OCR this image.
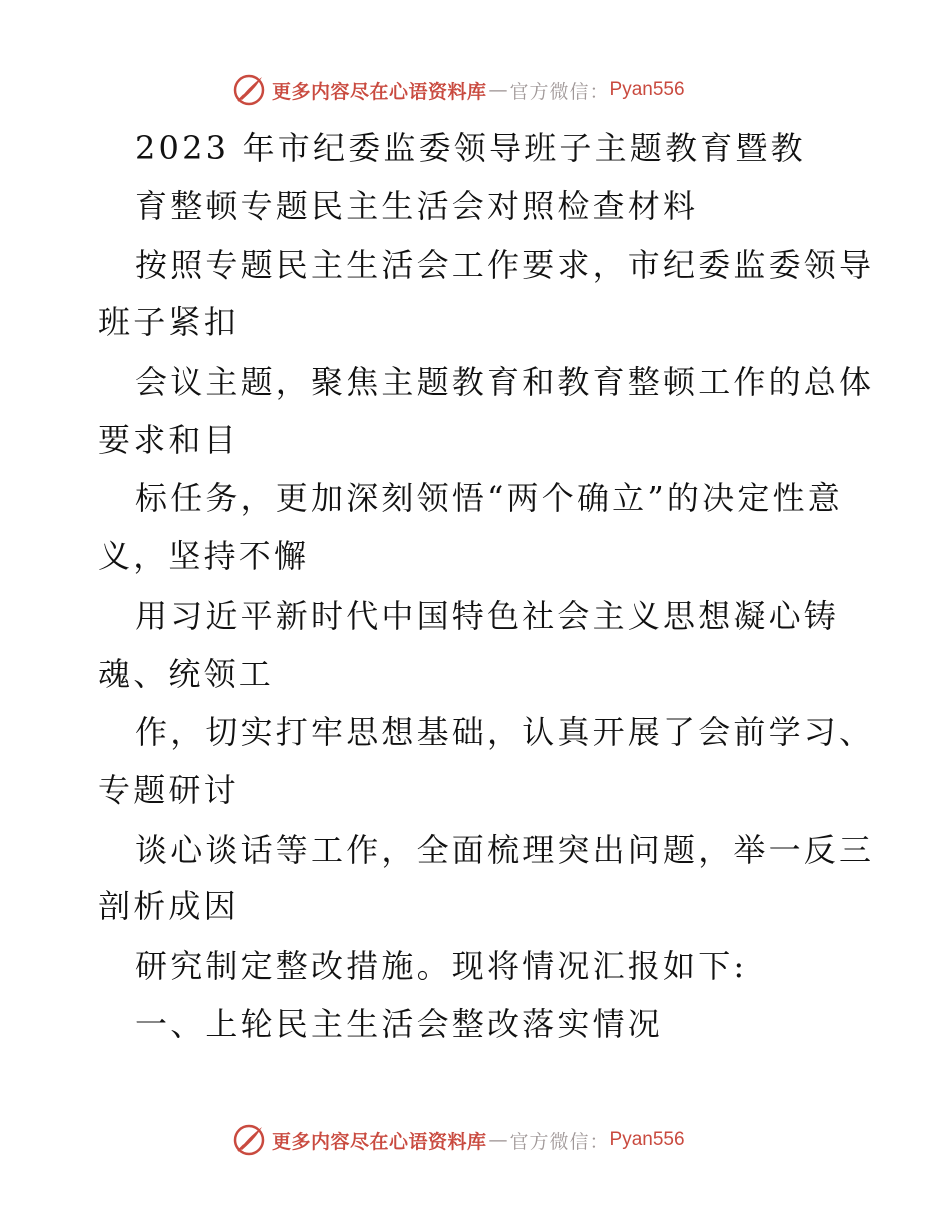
更多内容尽在心语资料库 — 官方微信： Pyan556
2023 年市纪委监委领导班子主题教育暨教
育整顿专题民主生活会对照检查材料
按照专题民主生活会工作要求，市纪委监委领导
班子紧扣
会议主题，聚焦主题教育和教育整顿工作的总体
要求和目
标任务，更加深刻领悟“两个确立”的决定性意
义，坚持不懈
用习近平新时代中国特色社会主义思想凝心铸
魂、统领工
作，切实打牢思想基础，认真开展了会前学习、
专题研讨
谈心谈话等工作，全面梳理突出问题，举一反三
剖析成因
研究制定整改措施。现将情况汇报如下:
一、上轮民主生活会整改落实情况
更多内容尽在心语资料库 — 官方微信： Pyan556
